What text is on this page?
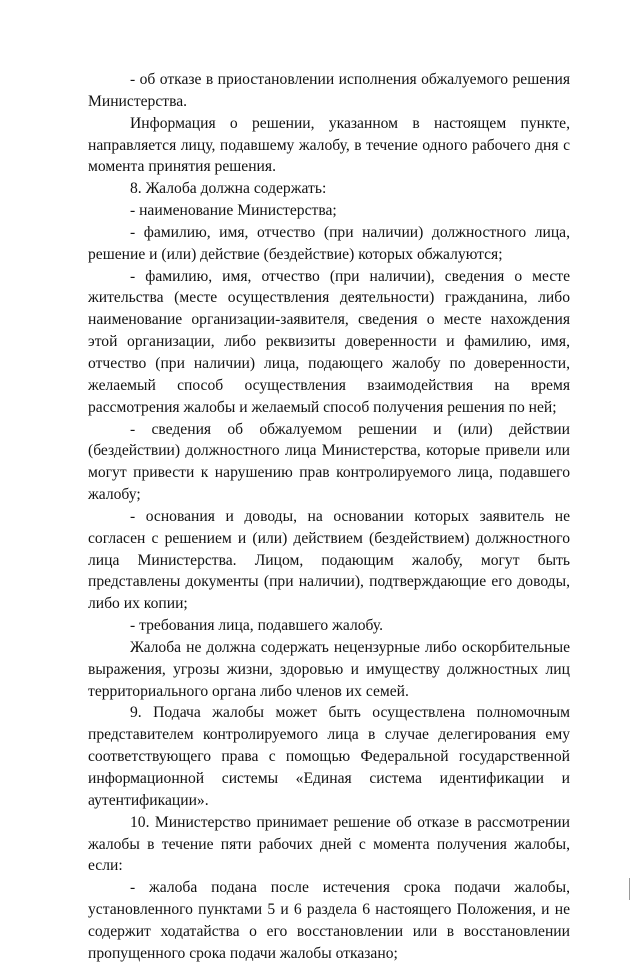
- об отказе в приостановлении исполнения обжалуемого решения Министерства.

Информация о решении, указанном в настоящем пункте, направляется лицу, подавшему жалобу, в течение одного рабочего дня с момента принятия решения.

8. Жалоба должна содержать:

- наименование Министерства;

- фамилию, имя, отчество (при наличии) должностного лица, решение и (или) действие (бездействие) которых обжалуются;

- фамилию, имя, отчество (при наличии), сведения о месте жительства (месте осуществления деятельности) гражданина, либо наименование организации-заявителя, сведения о месте нахождения этой организации, либо реквизиты доверенности и фамилию, имя, отчество (при наличии) лица, подающего жалобу по доверенности, желаемый способ осуществления взаимодействия на время рассмотрения жалобы и желаемый способ получения решения по ней;

- сведения об обжалуемом решении и (или) действии (бездействии) должностного лица Министерства, которые привели или могут привести к нарушению прав контролируемого лица, подавшего жалобу;

- основания и доводы, на основании которых заявитель не согласен с решением и (или) действием (бездействием) должностного лица Министерства. Лицом, подающим жалобу, могут быть представлены документы (при наличии), подтверждающие его доводы, либо их копии;

- требования лица, подавшего жалобу.

Жалоба не должна содержать нецензурные либо оскорбительные выражения, угрозы жизни, здоровью и имуществу должностных лиц территориального органа либо членов их семей.

9. Подача жалобы может быть осуществлена полномочным представителем контролируемого лица в случае делегирования ему соответствующего права с помощью Федеральной государственной информационной системы «Единая система идентификации и аутентификации».

10. Министерство принимает решение об отказе в рассмотрении жалобы в течение пяти рабочих дней с момента получения жалобы, если:

- жалоба подана после истечения срока подачи жалобы, установленного пунктами 5 и 6 раздела 6 настоящего Положения, и не содержит ходатайства о его восстановлении или в восстановлении пропущенного срока подачи жалобы отказано;
